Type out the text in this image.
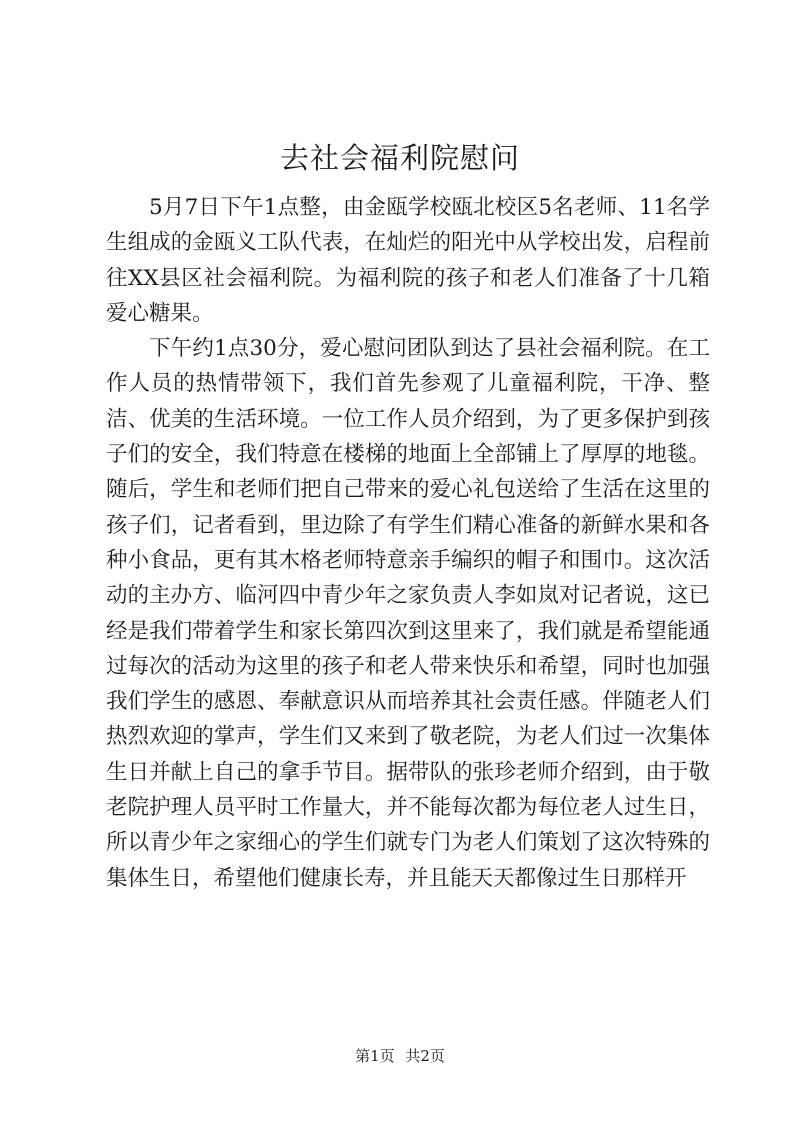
去社会福利院慰问

5月7日下午1点整，由金瓯学校瓯北校区5名老师、11名学生组成的金瓯义工队代表，在灿烂的阳光中从学校出发，启程前往XX县区社会福利院。为福利院的孩子和老人们准备了十几箱爱心糖果。

下午约1点30分，爱心慰问团队到达了县社会福利院。在工作人员的热情带领下，我们首先参观了儿童福利院，干净、整洁、优美的生活环境。一位工作人员介绍到，为了更多保护到孩子们的安全，我们特意在楼梯的地面上全部铺上了厚厚的地毯。随后，学生和老师们把自己带来的爱心礼包送给了生活在这里的孩子们，记者看到，里边除了有学生们精心准备的新鲜水果和各种小食品，更有其木格老师特意亲手编织的帽子和围巾。这次活动的主办方、临河四中青少年之家负责人李如岚对记者说，这已经是我们带着学生和家长第四次到这里来了，我们就是希望能通过每次的活动为这里的孩子和老人带来快乐和希望，同时也加强我们学生的感恩、奉献意识从而培养其社会责任感。伴随老人们热烈欢迎的掌声，学生们又来到了敬老院，为老人们过一次集体生日并献上自己的拿手节目。据带队的张珍老师介绍到，由于敬老院护理人员平时工作量大，并不能每次都为每位老人过生日，所以青少年之家细心的学生们就专门为老人们策划了这次特殊的集体生日，希望他们健康长寿，并且能天天都像过生日那样开

第1页 共2页
